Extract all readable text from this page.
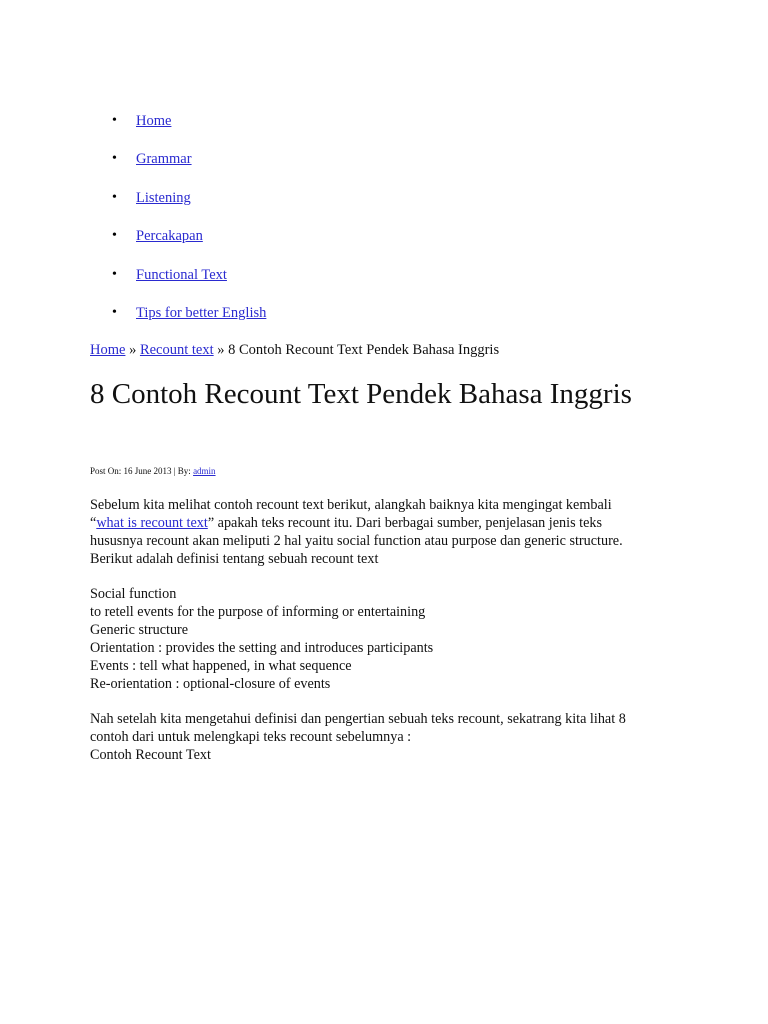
• Home
• Grammar
• Listening
• Percakapan
• Functional Text
• Tips for better English
Home » Recount text » 8 Contoh Recount Text Pendek Bahasa Inggris
8 Contoh Recount Text Pendek Bahasa Inggris
Post On: 16 June 2013 | By: admin

Sebelum kita melihat contoh recount text berikut, alangkah baiknya kita mengingat kembali
“what is recount text” apakah teks recount itu. Dari berbagai sumber, penjelasan jenis teks
hususnya recount akan meliputi 2 hal yaitu social function atau purpose dan generic structure.
Berikut adalah definisi tentang sebuah recount text

Social function
to retell events for the purpose of informing or entertaining
Generic structure
Orientation : provides the setting and introduces participants
Events : tell what happened, in what sequence
Re-orientation : optional-closure of events

Nah setelah kita mengetahui definisi dan pengertian sebuah teks recount, sekatrang kita lihat 8
contoh dari untuk melengkapi teks recount sebelumnya :
Contoh Recount Text
